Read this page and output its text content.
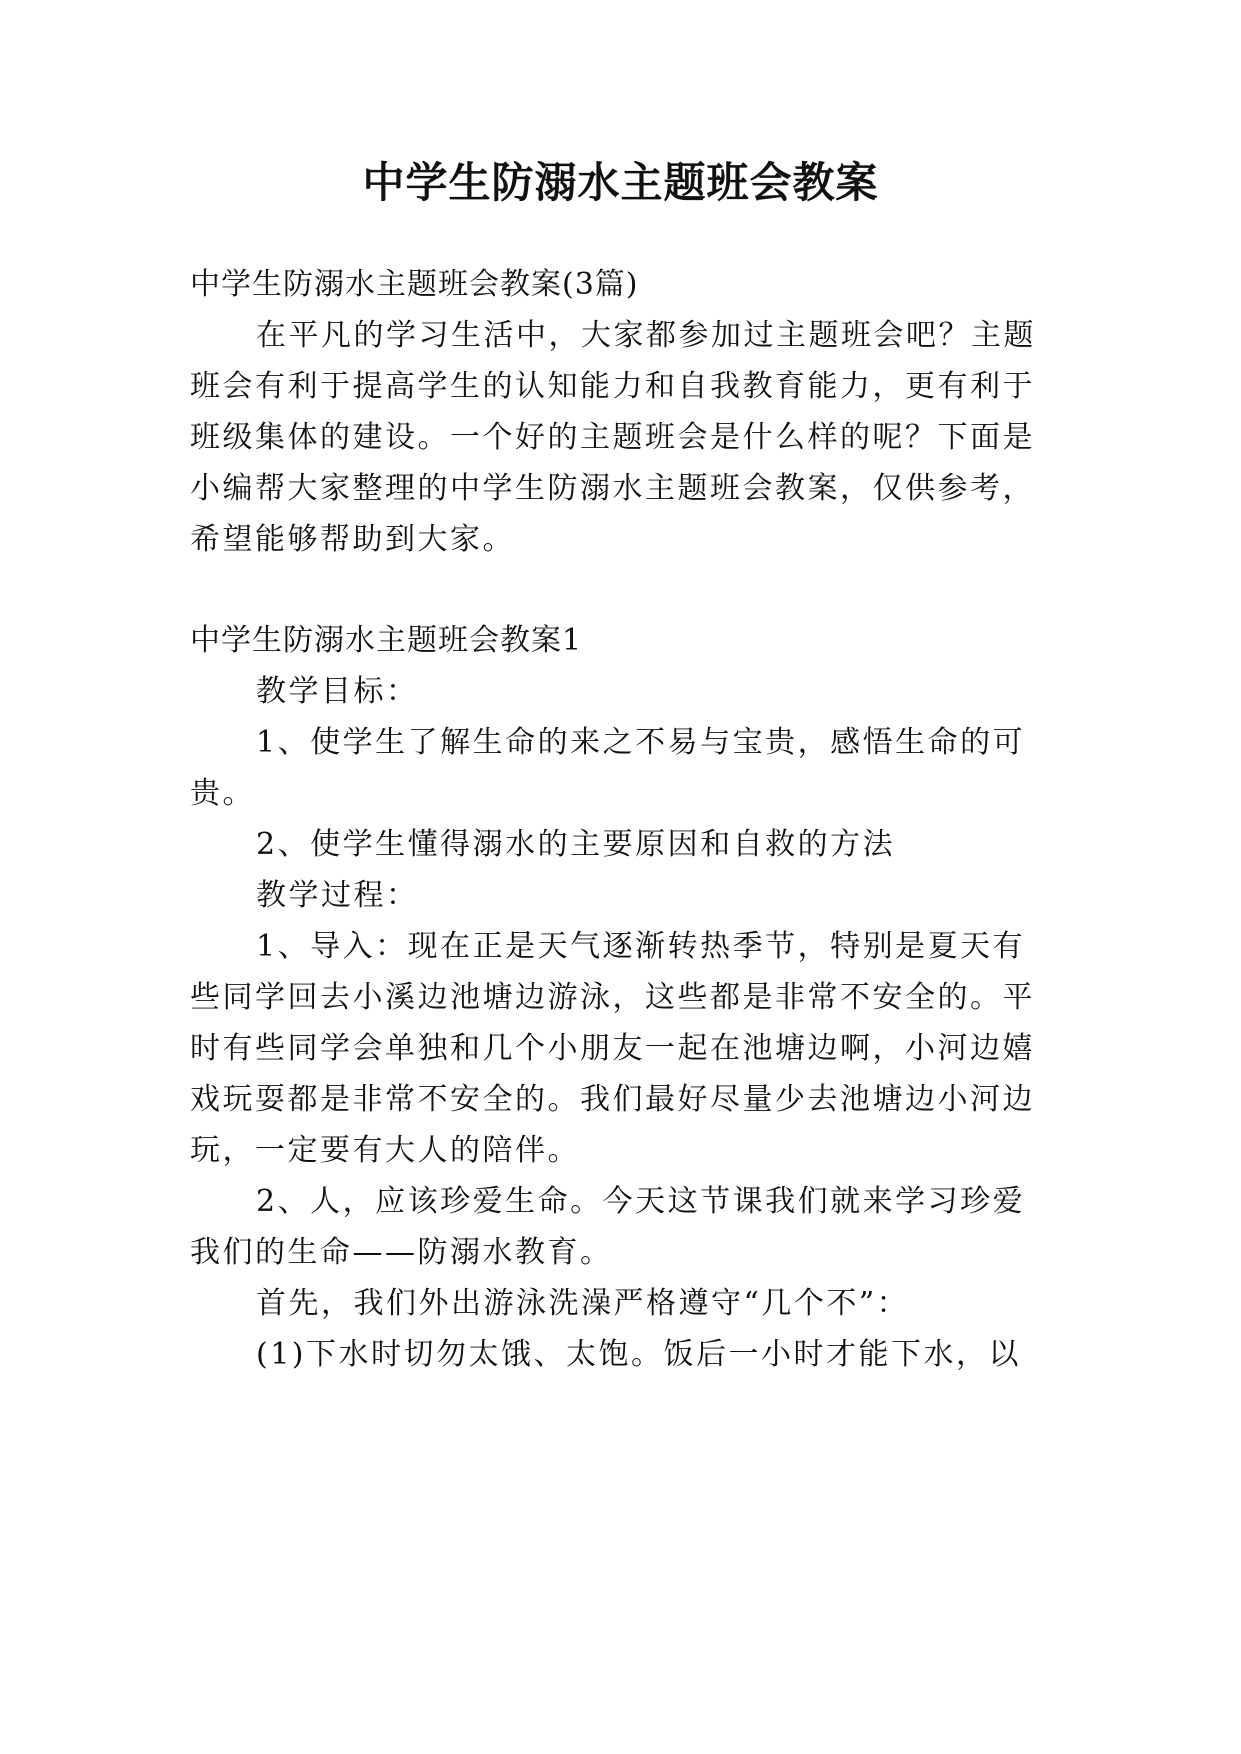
中学生防溺水主题班会教案
中学生防溺水主题班会教案(3篇)
在平凡的学习生活中，大家都参加过主题班会吧？主题
班会有利于提高学生的认知能力和自我教育能力，更有利于
班级集体的建设。一个好的主题班会是什么样的呢？下面是
小编帮大家整理的中学生防溺水主题班会教案，仅供参考，
希望能够帮助到大家。
中学生防溺水主题班会教案1
教学目标：
1、使学生了解生命的来之不易与宝贵，感悟生命的可
贵。
2、使学生懂得溺水的主要原因和自救的方法
教学过程：
1、导入：现在正是天气逐渐转热季节，特别是夏天有
些同学回去小溪边池塘边游泳，这些都是非常不安全的。平
时有些同学会单独和几个小朋友一起在池塘边啊，小河边嬉
戏玩耍都是非常不安全的。我们最好尽量少去池塘边小河边
玩，一定要有大人的陪伴。
2、人，应该珍爱生命。今天这节课我们就来学习珍爱
我们的生命——防溺水教育。
首先，我们外出游泳洗澡严格遵守“几个不”：
(1)下水时切勿太饿、太饱。饭后一小时才能下水，以
